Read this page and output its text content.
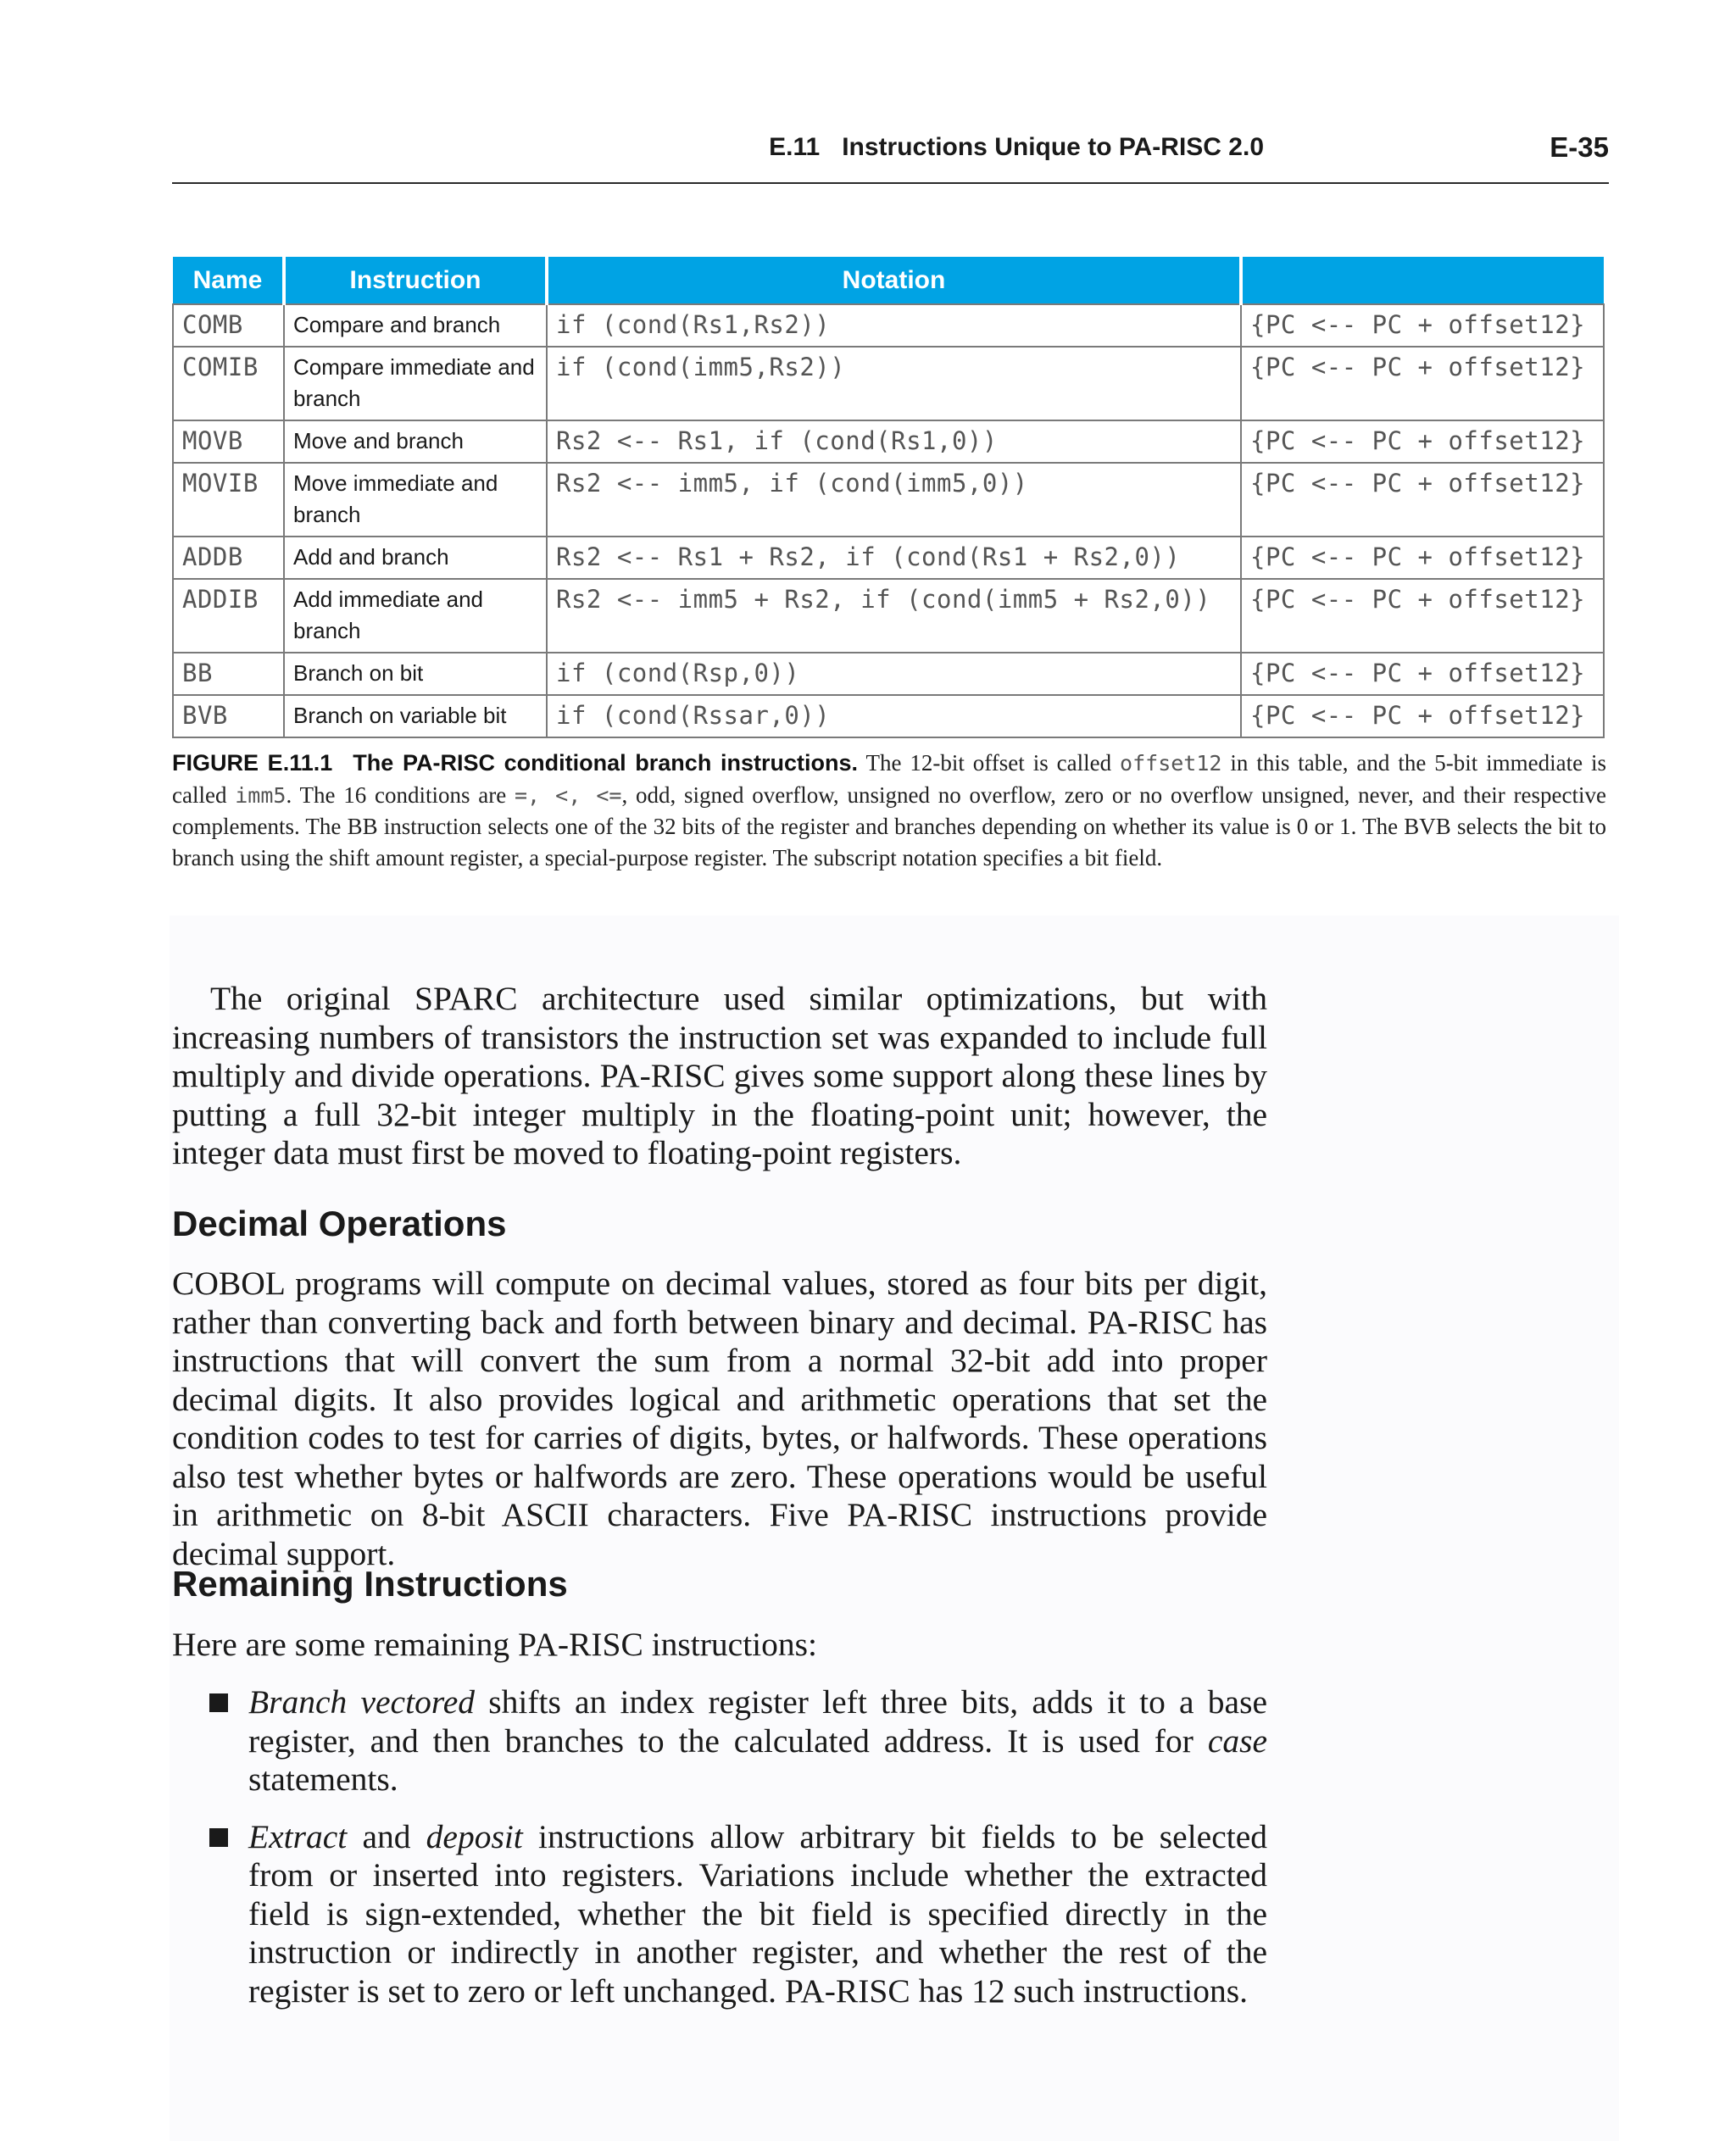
E.11 Instructions Unique to PA-RISC 2.0	E-35
Name	Instruction	Notation	
COMB	Compare and branch	if (cond(Rs1,Rs2))	{PC <-- PC + offset12}
COMIB	Compare immediate and branch	if (cond(imm5,Rs2))	{PC <-- PC + offset12}
MOVB	Move and branch	Rs2 <-- Rs1, if (cond(Rs1,0))	{PC <-- PC + offset12}
MOVIB	Move immediate and branch	Rs2 <-- imm5, if (cond(imm5,0))	{PC <-- PC + offset12}
ADDB	Add and branch	Rs2 <-- Rs1 + Rs2, if (cond(Rs1 + Rs2,0))	{PC <-- PC + offset12}
ADDIB	Add immediate and branch	Rs2 <-- imm5 + Rs2, if (cond(imm5 + Rs2,0))	{PC <-- PC + offset12}
BB	Branch on bit	if (cond(Rsp,0))	{PC <-- PC + offset12}
BVB	Branch on variable bit	if (cond(Rssar,0))	{PC <-- PC + offset12}
FIGURE E.11.1 The PA-RISC conditional branch instructions. The 12-bit offset is called offset12 in this table, and the 5-bit immediate is called imm5. The 16 conditions are =, <, <=, odd, signed overflow, unsigned no overflow, zero or no overflow unsigned, never, and their respective complements. The BB instruction selects one of the 32 bits of the register and branches depending on whether its value is 0 or 1. The BVB selects the bit to branch using the shift amount register, a special-purpose register. The subscript notation specifies a bit field.

The original SPARC architecture used similar optimizations, but with increasing numbers of transistors the instruction set was expanded to include full multiply and divide operations. PA-RISC gives some support along these lines by putting a full 32-bit integer multiply in the floating-point unit; however, the integer data must first be moved to floating-point registers.

Decimal Operations

COBOL programs will compute on decimal values, stored as four bits per digit, rather than converting back and forth between binary and decimal. PA-RISC has instructions that will convert the sum from a normal 32-bit add into proper decimal digits. It also provides logical and arithmetic operations that set the condition codes to test for carries of digits, bytes, or halfwords. These operations also test whether bytes or halfwords are zero. These operations would be useful in arithmetic on 8-bit ASCII characters. Five PA-RISC instructions provide decimal support.

Remaining Instructions

Here are some remaining PA-RISC instructions:

Branch vectored shifts an index register left three bits, adds it to a base register, and then branches to the calculated address. It is used for case statements.

Extract and deposit instructions allow arbitrary bit fields to be selected from or inserted into registers. Variations include whether the extracted field is sign-extended, whether the bit field is specified directly in the instruction or indirectly in another register, and whether the rest of the register is set to zero or left unchanged. PA-RISC has 12 such instructions.
